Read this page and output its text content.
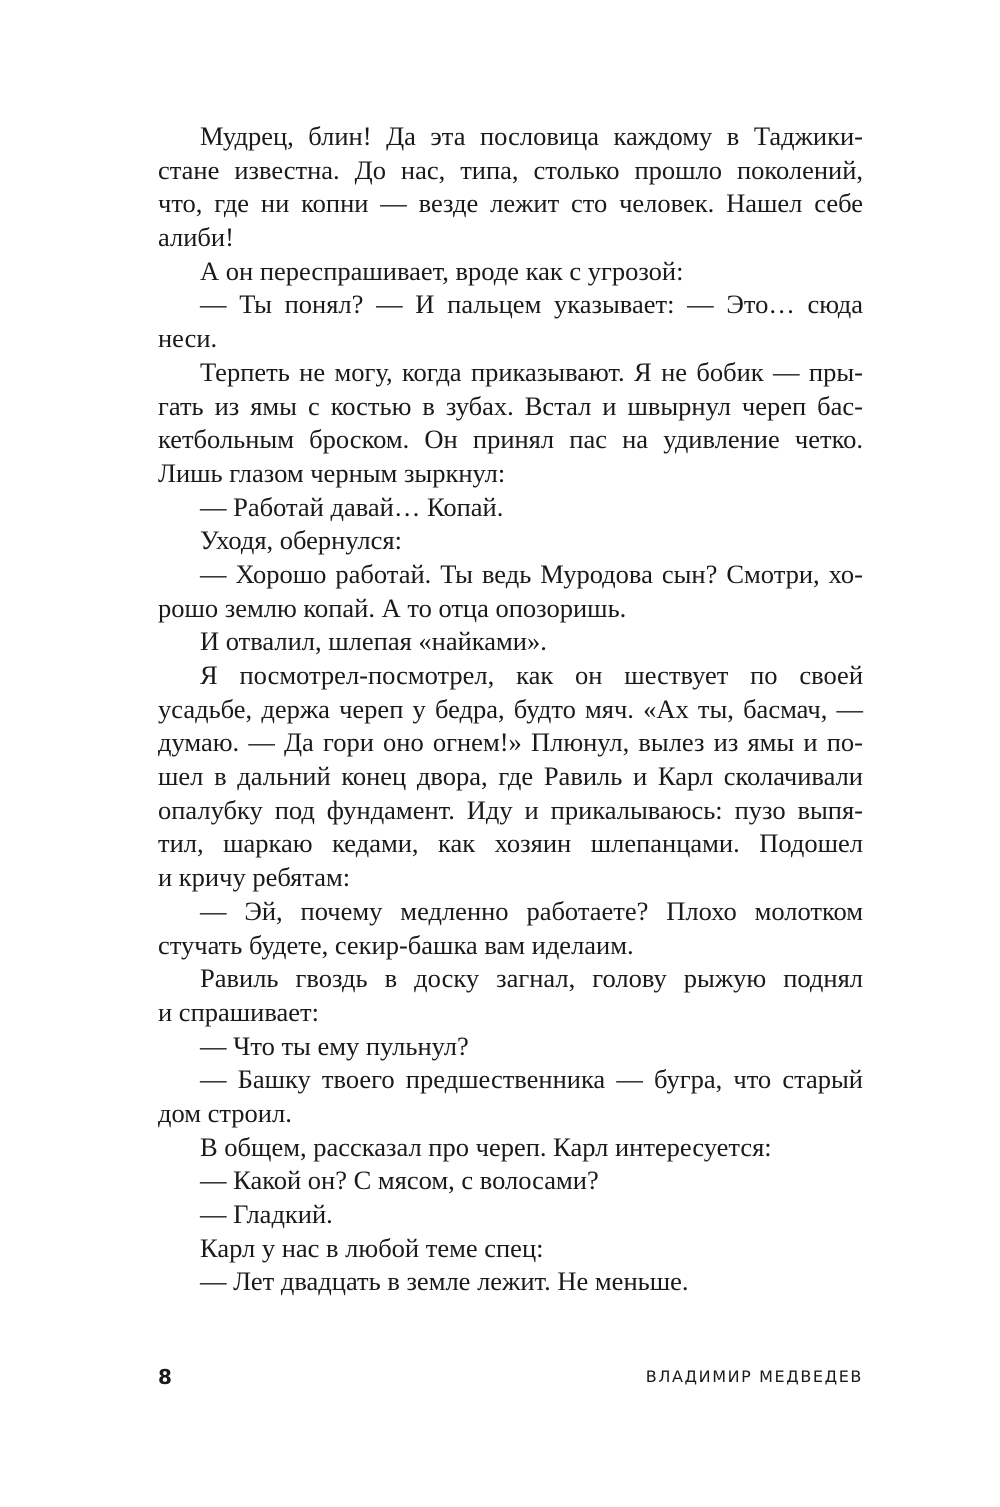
Мудрец, блин! Да эта пословица каждому в Таджики-
стане известна. До нас, типа, столько прошло поколений,
что, где ни копни — везде лежит сто человек. Нашел себе
алиби!
А он переспрашивает, вроде как с угрозой:
— Ты понял? — И пальцем указывает: — Это… сюда
неси.
Терпеть не могу, когда приказывают. Я не бобик — пры-
гать из ямы с костью в зубах. Встал и швырнул череп бас-
кетбольным броском. Он принял пас на удивление четко.
Лишь глазом черным зыркнул:
— Работай давай… Копай.
Уходя, обернулся:
— Хорошо работай. Ты ведь Муродова сын? Смотри, хо-
рошо землю копай. А то отца опозоришь.
И отвалил, шлепая «найками».
Я посмотрел-посмотрел, как он шествует по своей
усадьбе, держа череп у бедра, будто мяч. «Ах ты, басмач, —
думаю. — Да гори оно огнем!» Плюнул, вылез из ямы и по-
шел в дальний конец двора, где Равиль и Карл сколачивали
опалубку под фундамент. Иду и прикалываюсь: пузо выпя-
тил, шаркаю кедами, как хозяин шлепанцами. Подошел
и кричу ребятам:
— Эй, почему медленно работаете? Плохо молотком
стучать будете, секир-башка вам иделаим.
Равиль гвоздь в доску загнал, голову рыжую поднял
и спрашивает:
— Что ты ему пульнул?
— Башку твоего предшественника — бугра, что старый
дом строил.
В общем, рассказал про череп. Карл интересуется:
— Какой он? С мясом, с волосами?
— Гладкий.
Карл у нас в любой теме спец:
— Лет двадцать в земле лежит. Не меньше.
8	ВЛАДИМИР МЕДВЕДЕВ
